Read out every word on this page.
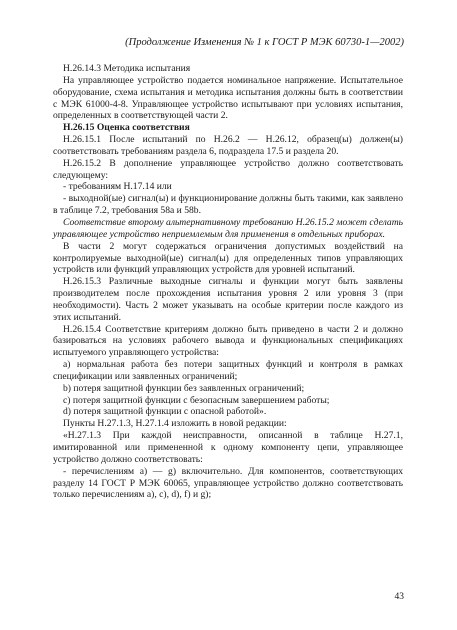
(Продолжение Изменения № 1 к ГОСТ Р МЭК 60730-1—2002)

Н.26.14.3 Методика испытания

На управляющее устройство подается номинальное напряжение. Испытательное оборудование, схема испытания и методика испытания должны быть в соответствии с МЭК 61000-4-8. Управляющее устройство испытывают при условиях испытания, определенных в соответствующей части 2.

Н.26.15 Оценка соответствия

Н.26.15.1 После испытаний по Н.26.2 — Н.26.12, образец(ы) должен(ы) соответствовать требованиям раздела 6, подраздела 17.5 и раздела 20.

Н.26.15.2 В дополнение управляющее устройство должно соответствовать следующему:

- требованиям Н.17.14 или

- выходной(ые) сигнал(ы) и функционирование должны быть такими, как заявлено в таблице 7.2, требования 58a и 58b.

Соответствие второму альтернативному требованию Н.26.15.2 может сделать управляющее устройство неприемлемым для применения в отдельных приборах.

В части 2 могут содержаться ограничения допустимых воздействий на контролируемые выходной(ые) сигнал(ы) для определенных типов управляющих устройств или функций управляющих устройств для уровней испытаний.

Н.26.15.3 Различные выходные сигналы и функции могут быть заявлены производителем после прохождения испытания уровня 2 или уровня 3 (при необходимости). Часть 2 может указывать на особые критерии после каждого из этих испытаний.

Н.26.15.4 Соответствие критериям должно быть приведено в части 2 и должно базироваться на условиях рабочего вывода и функциональных спецификациях испытуемого управляющего устройства:

a) нормальная работа без потери защитных функций и контроля в рамках спецификации или заявленных ограничений;

b) потеря защитной функции без заявленных ограничений;

c) потеря защитной функции с безопасным завершением работы;

d) потеря защитной функции с опасной работой».

Пункты Н.27.1.3, Н.27.1.4 изложить в новой редакции:

«Н.27.1.3 При каждой неисправности, описанной в таблице Н.27.1, имитированной или примененной к одному компоненту цепи, управляющее устройство должно соответствовать:

- перечислениям a) — g) включительно. Для компонентов, соответствующих разделу 14 ГОСТ Р МЭК 60065, управляющее устройство должно соответствовать только перечислениям a), c), d), f) и g);

43
